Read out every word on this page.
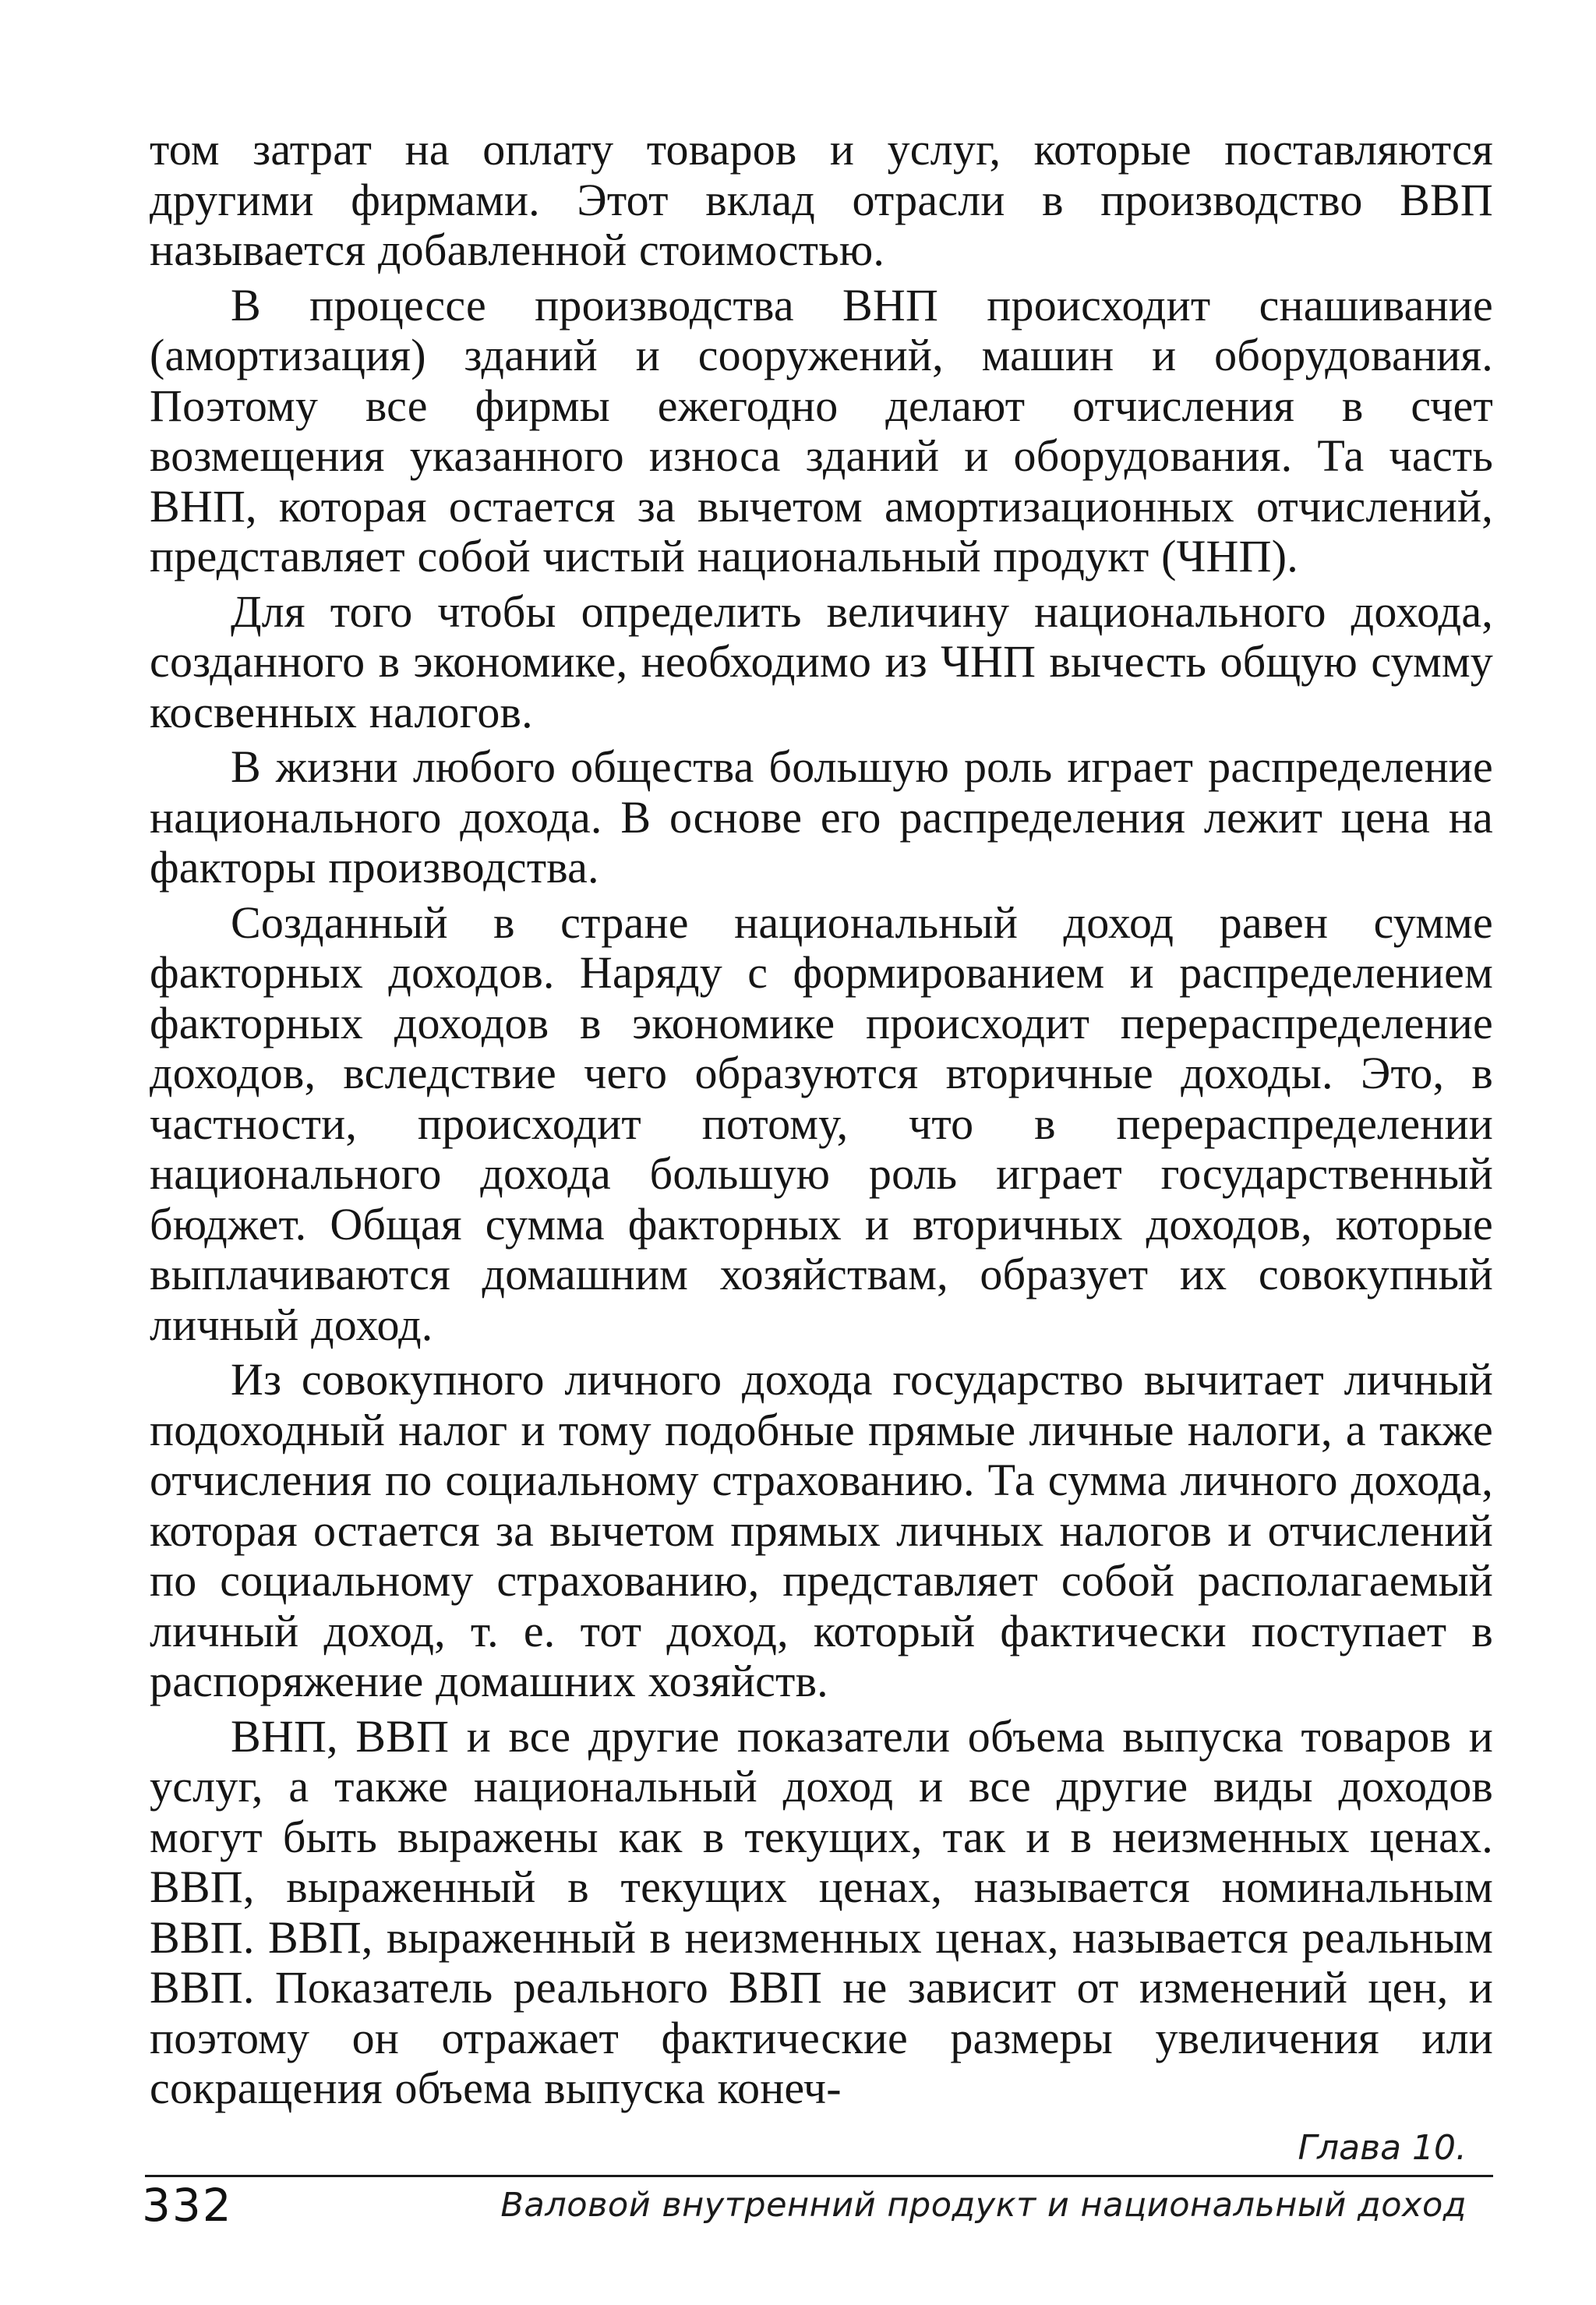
том затрат на оплату товаров и услуг, которые поставляются другими фирмами. Этот вклад отрасли в производство ВВП называется добавленной стоимостью.

В процессе производства ВНП происходит снашивание (амортизация) зданий и сооружений, машин и оборудования. Поэтому все фирмы ежегодно делают отчисления в счет возмещения указанного износа зданий и оборудования. Та часть ВНП, которая остается за вычетом амортизационных отчислений, представляет собой чистый национальный продукт (ЧНП).

Для того чтобы определить величину национального дохода, созданного в экономике, необходимо из ЧНП вычесть общую сумму косвенных налогов.

В жизни любого общества большую роль играет распределение национального дохода. В основе его распределения лежит цена на факторы производства.

Созданный в стране национальный доход равен сумме факторных доходов. Наряду с формированием и распределением факторных доходов в экономике происходит перераспределение доходов, вследствие чего образуются вторичные доходы. Это, в частности, происходит потому, что в перераспределении национального дохода большую роль играет государственный бюджет. Общая сумма факторных и вторичных доходов, которые выплачиваются домашним хозяйствам, образует их совокупный личный доход.

Из совокупного личного дохода государство вычитает личный подоходный налог и тому подобные прямые личные налоги, а также отчисления по социальному страхованию. Та сумма личного дохода, которая остается за вычетом прямых личных налогов и отчислений по социальному страхованию, представляет собой располагаемый личный доход, т. е. тот доход, который фактически поступает в распоряжение домашних хозяйств.

ВНП, ВВП и все другие показатели объема выпуска товаров и услуг, а также национальный доход и все другие виды доходов могут быть выражены как в текущих, так и в неизменных ценах. ВВП, выраженный в текущих ценах, называется номинальным ВВП. ВВП, выраженный в неизменных ценах, называется реальным ВВП. Показатель реального ВВП не зависит от изменений цен, и поэтому он отражает фактические размеры увеличения или сокращения объема выпуска конеч-

Глава 10.
332	Валовой внутренний продукт и национальный доход
